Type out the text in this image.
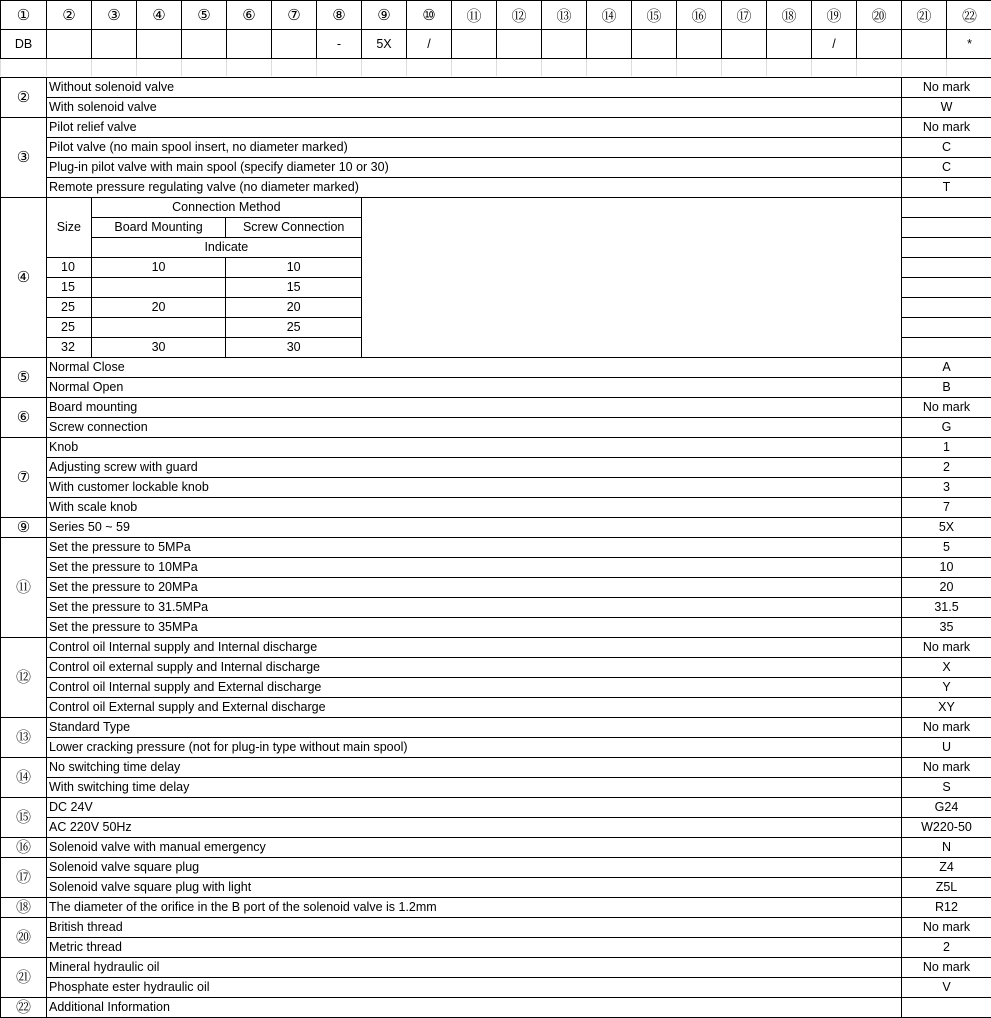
①	②	③	④	⑤	⑥	⑦	⑧	⑨	⑩	⑪	⑫	⑬	⑭	⑮	⑯	⑰	⑱	⑲	⑳	㉑	㉒
DB							-	5X	/									/			*

②	Without solenoid valve	No mark
With solenoid valve	W
③	Pilot relief valve	No mark
Pilot valve (no main spool insert, no diameter marked)	C
Plug-in pilot valve with main spool (specify diameter 10 or 30)	C
Remote pressure regulating valve (no diameter marked)	T
④	
Size	Connection Method
Board Mounting	Screw Connection
Indicate
10	10	10
15		15
25	20	20
25		25
32	30	30

⑤	Normal Close	A
Normal Open	B
⑥	Board mounting	No mark
Screw connection	G
⑦	Knob	1
Adjusting screw with guard	2
With customer lockable knob	3
With scale knob	7
⑨	Series 50 ~ 59	5X
⑪	Set the pressure to 5MPa	5
Set the pressure to 10MPa	10
Set the pressure to 20MPa	20
Set the pressure to 31.5MPa	31.5
Set the pressure to 35MPa	35
⑫	Control oil Internal supply and Internal discharge	No mark
Control oil external supply and Internal discharge	X
Control oil Internal supply and External discharge	Y
Control oil External supply and External discharge	XY
⑬	Standard Type	No mark
Lower cracking pressure (not for plug-in type without main spool)	U
⑭	No switching time delay	No mark
With switching time delay	S
⑮	DC 24V	G24
AC 220V 50Hz	W220-50
⑯	Solenoid valve with manual emergency	N
⑰	Solenoid valve square plug	Z4
Solenoid valve square plug with light	Z5L
⑱	The diameter of the orifice in the B port of the solenoid valve is 1.2mm	R12
⑳	British thread	No mark
Metric thread	2
㉑	Mineral hydraulic oil	No mark
Phosphate ester hydraulic oil	V
㉒	Additional Information	
